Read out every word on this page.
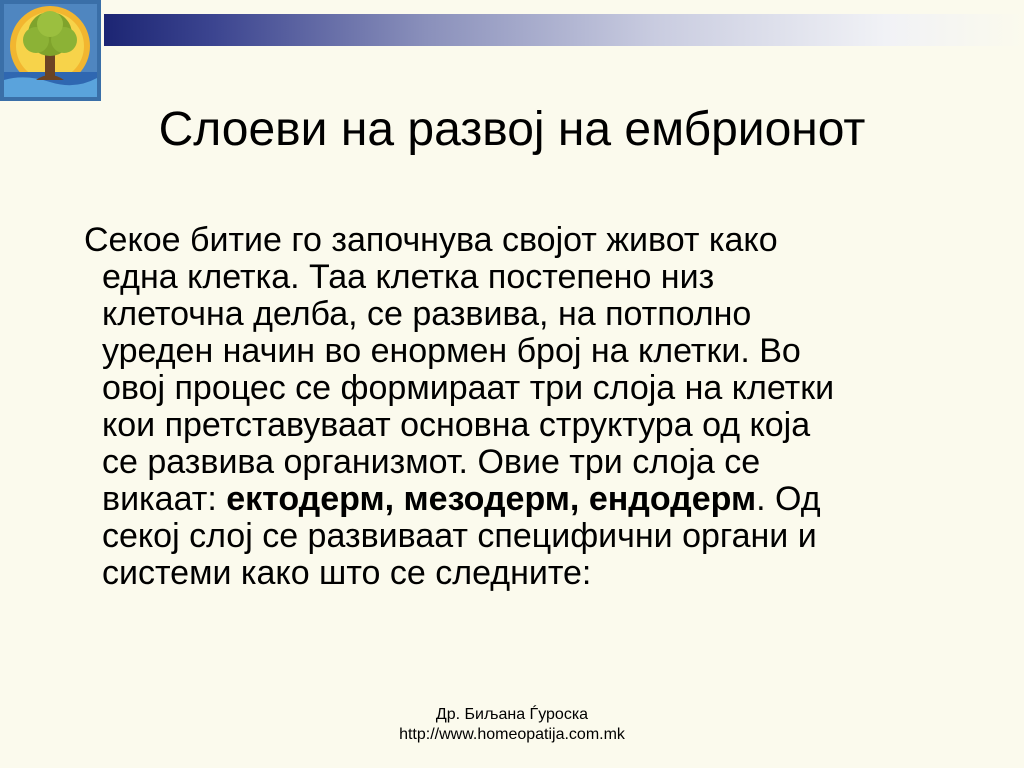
Слоеви на развој на ембрионот

Секое битие го започнува својот живот како
една клетка. Таа клетка постепено низ
клеточна делба, се развива, на потполно
уреден начин во енормен број на клетки. Во
овој процес се формираат три слоја на клетки
кои претставуваат основна структура од која
се развива организмот. Овие три слоја се
викаат: ектодерм, мезодерм, ендодерм. Од
секој слој се развиваат специфични органи и
системи како што се следните:

Др. Биљана Ѓуроска
http://www.homeopatija.com.mk
